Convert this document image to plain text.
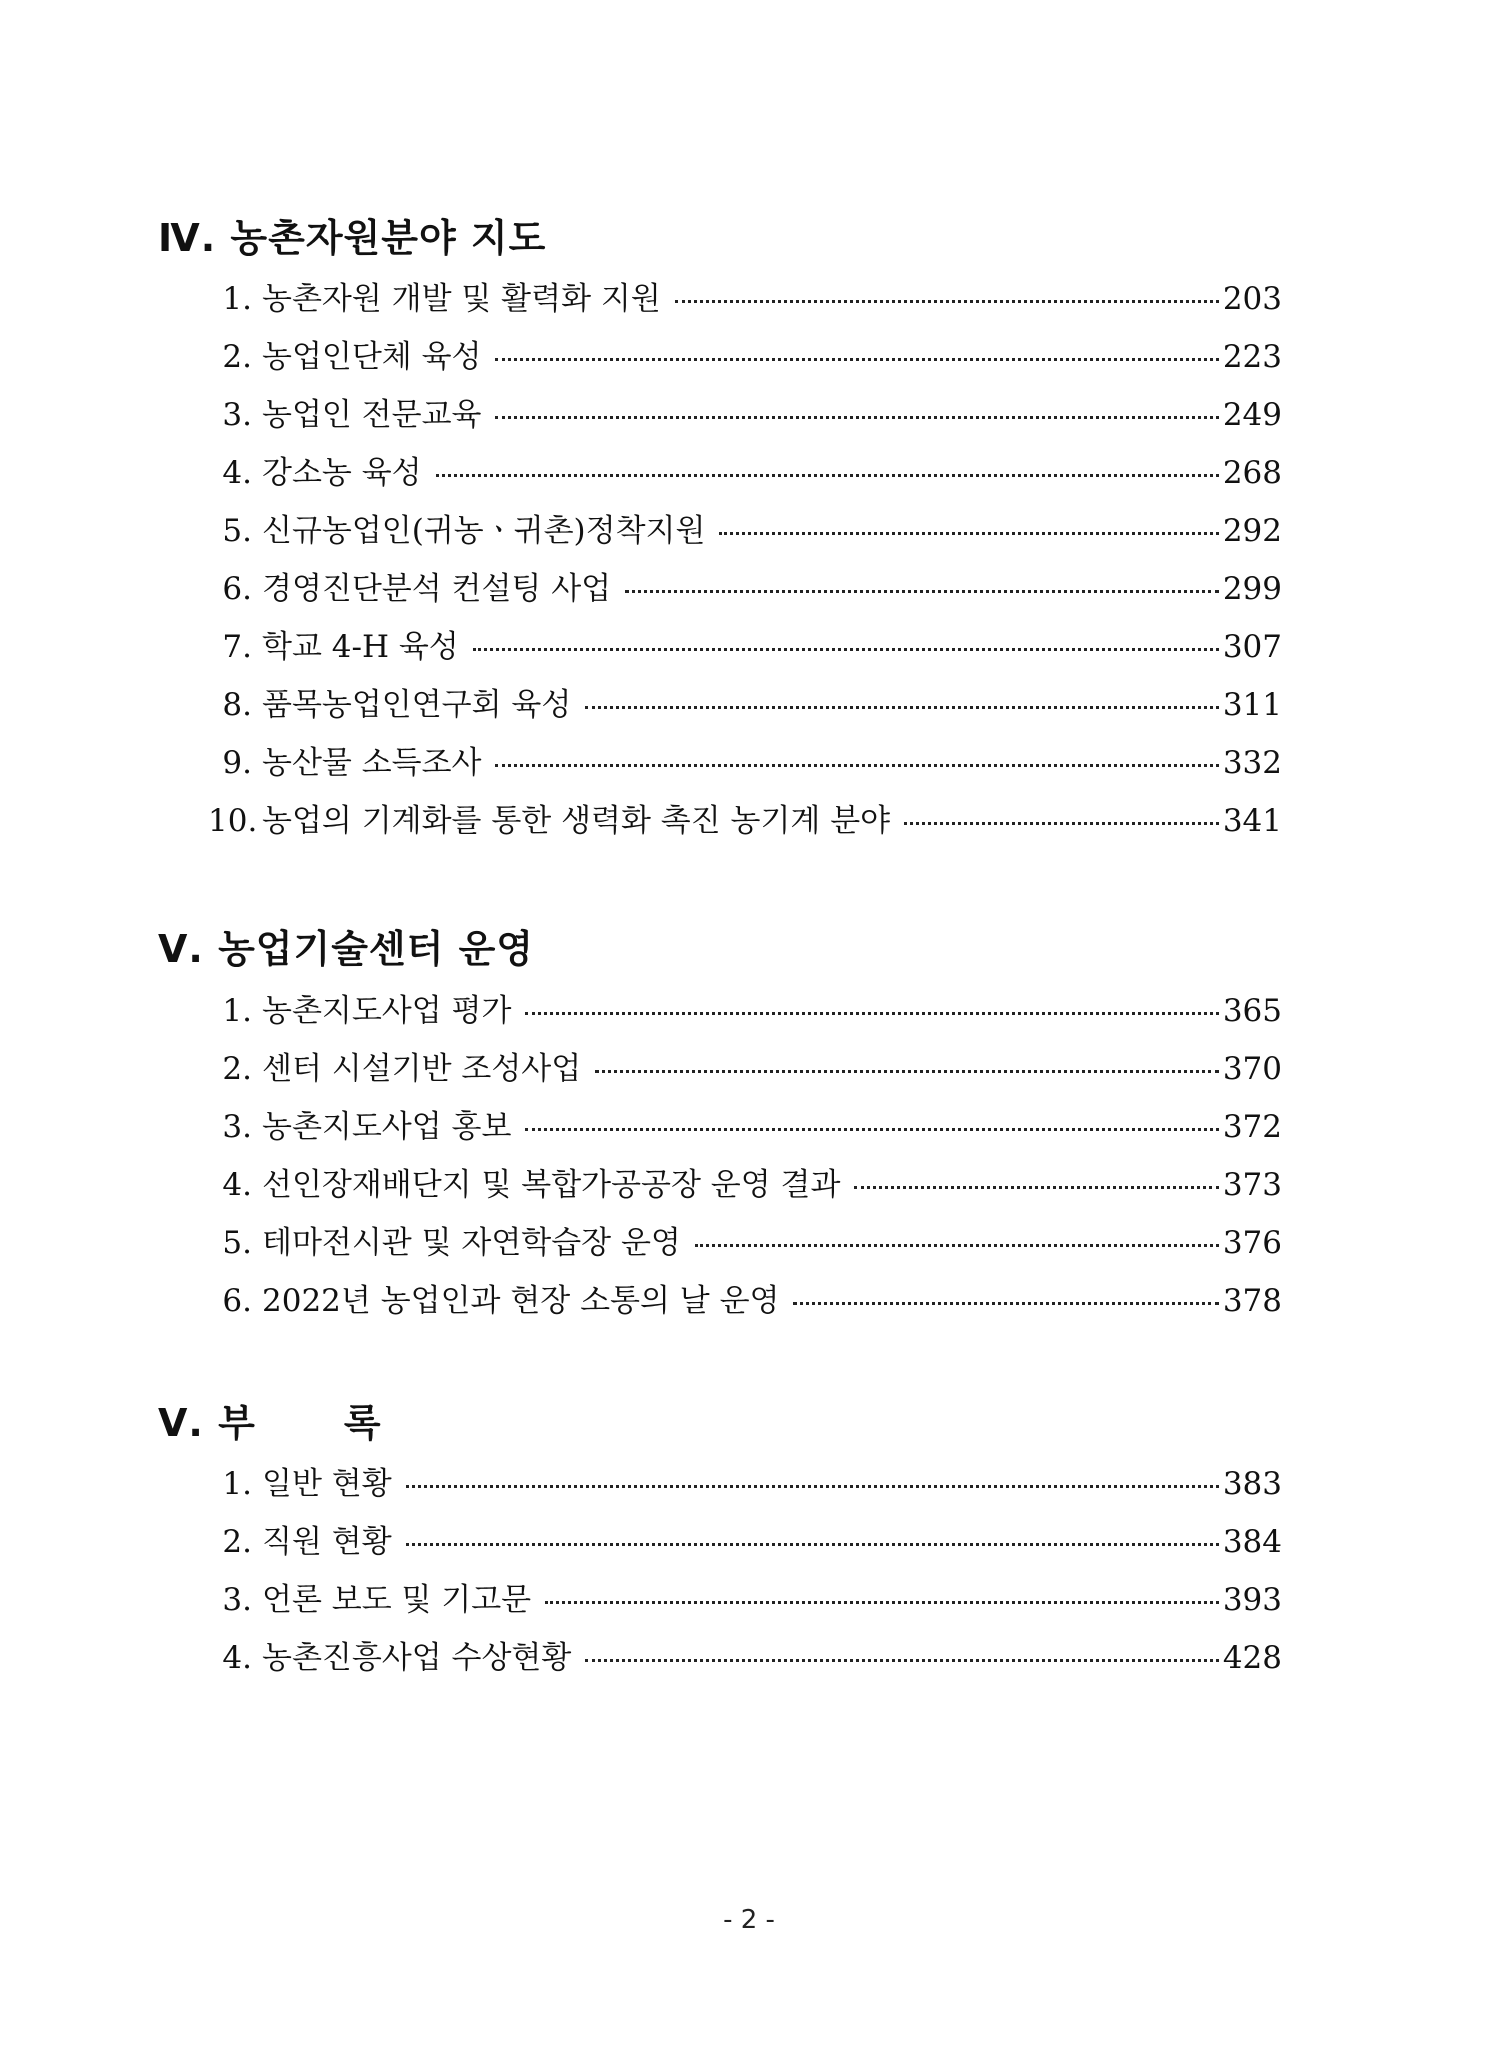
Ⅳ. 농촌자원분야 지도
1. 농촌자원 개발 및 활력화 지원	203
2. 농업인단체 육성	223
3. 농업인 전문교육	249
4. 강소농 육성	268
5. 신규농업인(귀농ㆍ귀촌)정착지원	292
6. 경영진단분석 컨설팅 사업	299
7. 학교 4-H 육성	307
8. 품목농업인연구회 육성	311
9. 농산물 소득조사	332
10. 농업의 기계화를 통한 생력화 촉진 농기계 분야	341
Ⅴ. 농업기술센터 운영
1. 농촌지도사업 평가	365
2. 센터 시설기반 조성사업	370
3. 농촌지도사업 홍보	372
4. 선인장재배단지 및 복합가공공장 운영 결과	373
5. 테마전시관 및 자연학습장 운영	376
6. 2022년 농업인과 현장 소통의 날 운영	378
Ⅴ. 부 록
1. 일반 현황	383
2. 직원 현황	384
3. 언론 보도 및 기고문	393
4. 농촌진흥사업 수상현황	428
- 2 -
